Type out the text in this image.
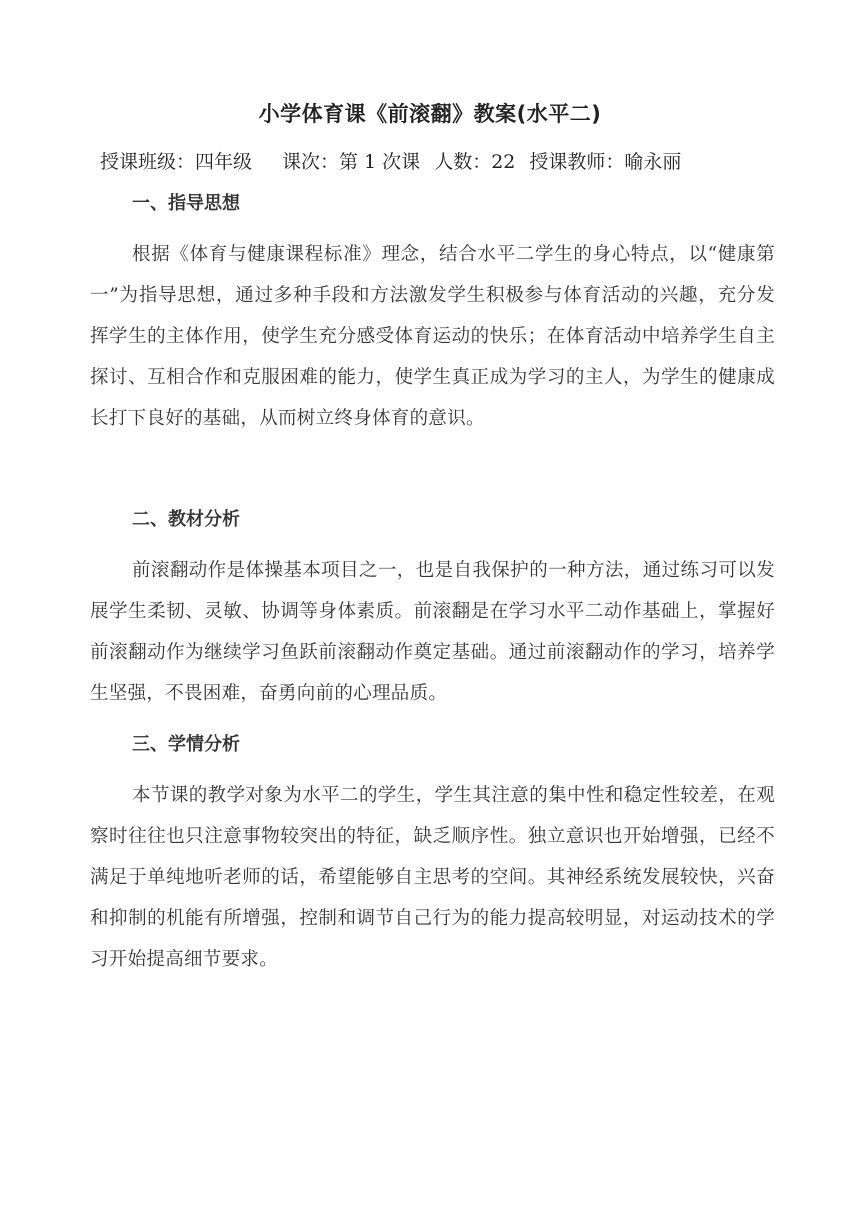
小学体育课《前滚翻》教案(水平二)
授课班级：四年级 课次：第 1 次课 人数：22 授课教师：喻永丽
一、指导思想

根据《体育与健康课程标准》理念，结合水平二学生的身心特点，以“健康第一”为指导思想，通过多种手段和方法激发学生积极参与体育活动的兴趣，充分发挥学生的主体作用，使学生充分感受体育运动的快乐；在体育活动中培养学生自主探讨、互相合作和克服困难的能力，使学生真正成为学习的主人，为学生的健康成长打下良好的基础，从而树立终身体育的意识。

二、教材分析

前滚翻动作是体操基本项目之一，也是自我保护的一种方法，通过练习可以发展学生柔韧、灵敏、协调等身体素质。前滚翻是在学习水平二动作基础上，掌握好前滚翻动作为继续学习鱼跃前滚翻动作奠定基础。通过前滚翻动作的学习，培养学生坚强，不畏困难，奋勇向前的心理品质。

三、学情分析

本节课的教学对象为水平二的学生，学生其注意的集中性和稳定性较差，在观察时往往也只注意事物较突出的特征，缺乏顺序性。独立意识也开始增强，已经不满足于单纯地听老师的话，希望能够自主思考的空间。其神经系统发展较快，兴奋和抑制的机能有所增强，控制和调节自己行为的能力提高较明显，对运动技术的学习开始提高细节要求。
